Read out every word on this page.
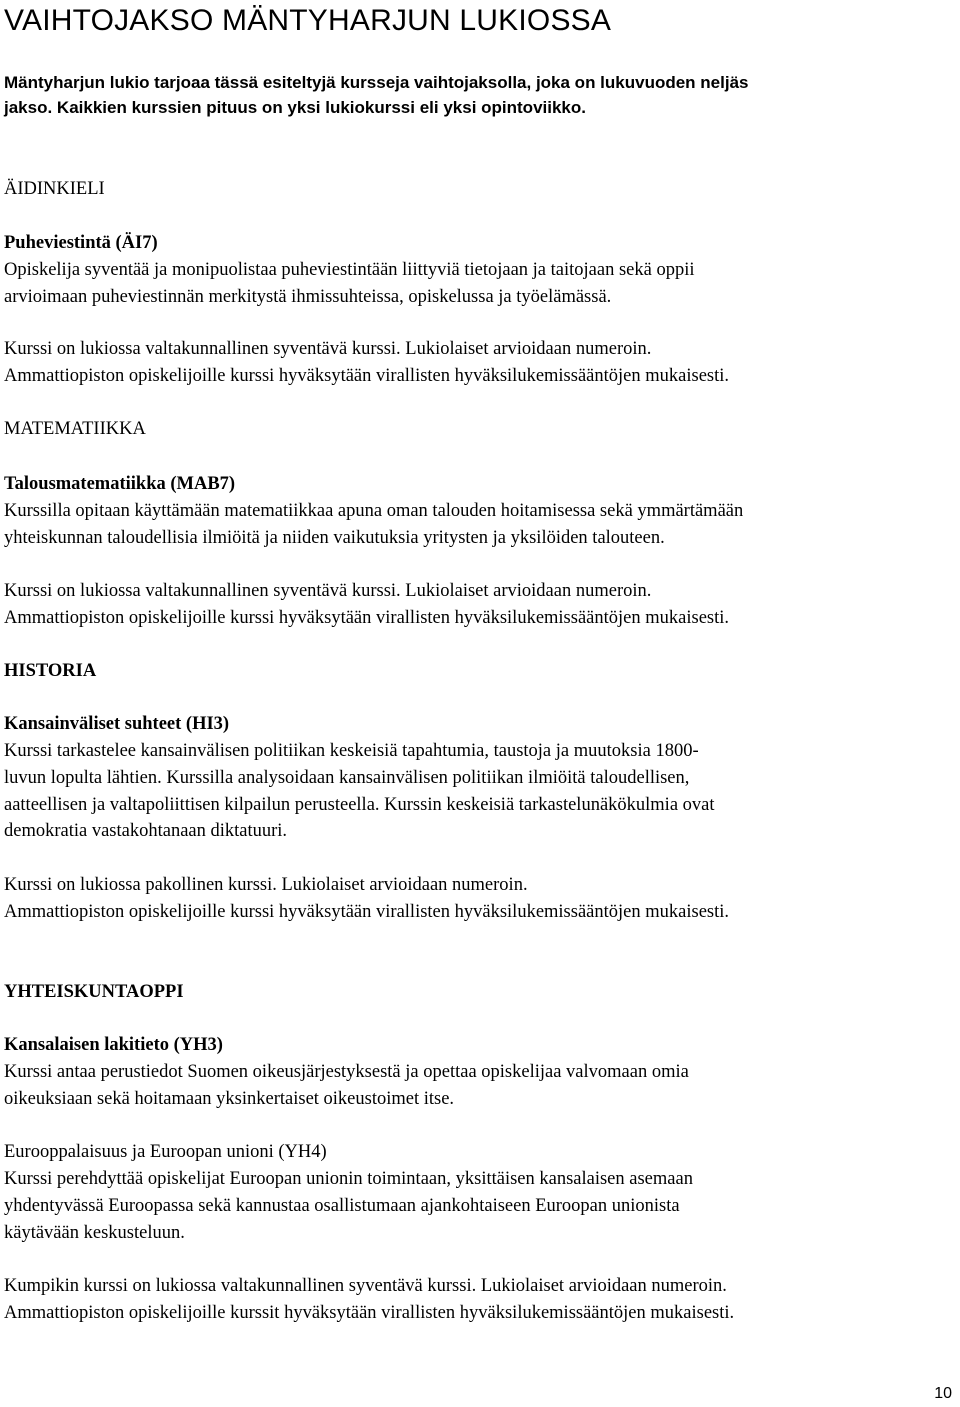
VAIHTOJAKSO MÄNTYHARJUN LUKIOSSA

Mäntyharjun lukio tarjoaa tässä esiteltyjä kursseja vaihtojaksolla, joka on lukuvuoden neljäs

jakso. Kaikkien kurssien pituus on yksi lukiokurssi eli yksi opintoviikko.

ÄIDINKIELI

Puheviestintä (ÄI7)

Opiskelija syventää ja monipuolistaa puheviestintään liittyviä tietojaan ja taitojaan sekä oppii

arvioimaan puheviestinnän merkitystä ihmissuhteissa, opiskelussa ja työelämässä.

Kurssi on lukiossa valtakunnallinen syventävä kurssi. Lukiolaiset arvioidaan numeroin.

Ammattiopiston opiskelijoille kurssi hyväksytään virallisten hyväksilukemissääntöjen mukaisesti.

MATEMATIIKKA

Talousmatematiikka (MAB7)

Kurssilla opitaan käyttämään matematiikkaa apuna oman talouden hoitamisessa sekä ymmärtämään

yhteiskunnan taloudellisia ilmiöitä ja niiden vaikutuksia yritysten ja yksilöiden talouteen.

Kurssi on lukiossa valtakunnallinen syventävä kurssi. Lukiolaiset arvioidaan numeroin.

Ammattiopiston opiskelijoille kurssi hyväksytään virallisten hyväksilukemissääntöjen mukaisesti.

HISTORIA

Kansainväliset suhteet (HI3)

Kurssi tarkastelee kansainvälisen politiikan keskeisiä tapahtumia, taustoja ja muutoksia 1800-

luvun lopulta lähtien. Kurssilla analysoidaan kansainvälisen politiikan ilmiöitä taloudellisen,

aatteellisen ja valtapoliittisen kilpailun perusteella. Kurssin keskeisiä tarkastelunäkökulmia ovat

demokratia vastakohtanaan diktatuuri.

Kurssi on lukiossa pakollinen kurssi. Lukiolaiset arvioidaan numeroin.

Ammattiopiston opiskelijoille kurssi hyväksytään virallisten hyväksilukemissääntöjen mukaisesti.

YHTEISKUNTAOPPI

Kansalaisen lakitieto (YH3)

Kurssi antaa perustiedot Suomen oikeusjärjestyksestä ja opettaa opiskelijaa valvomaan omia

oikeuksiaan sekä hoitamaan yksinkertaiset oikeustoimet itse.

Eurooppalaisuus ja Euroopan unioni (YH4)

Kurssi perehdyttää opiskelijat Euroopan unionin toimintaan, yksittäisen kansalaisen asemaan

yhdentyvässä Euroopassa sekä kannustaa osallistumaan ajankohtaiseen Euroopan unionista

käytävään keskusteluun.

Kumpikin kurssi on lukiossa valtakunnallinen syventävä kurssi. Lukiolaiset arvioidaan numeroin.

Ammattiopiston opiskelijoille kurssit hyväksytään virallisten hyväksilukemissääntöjen mukaisesti.

10
